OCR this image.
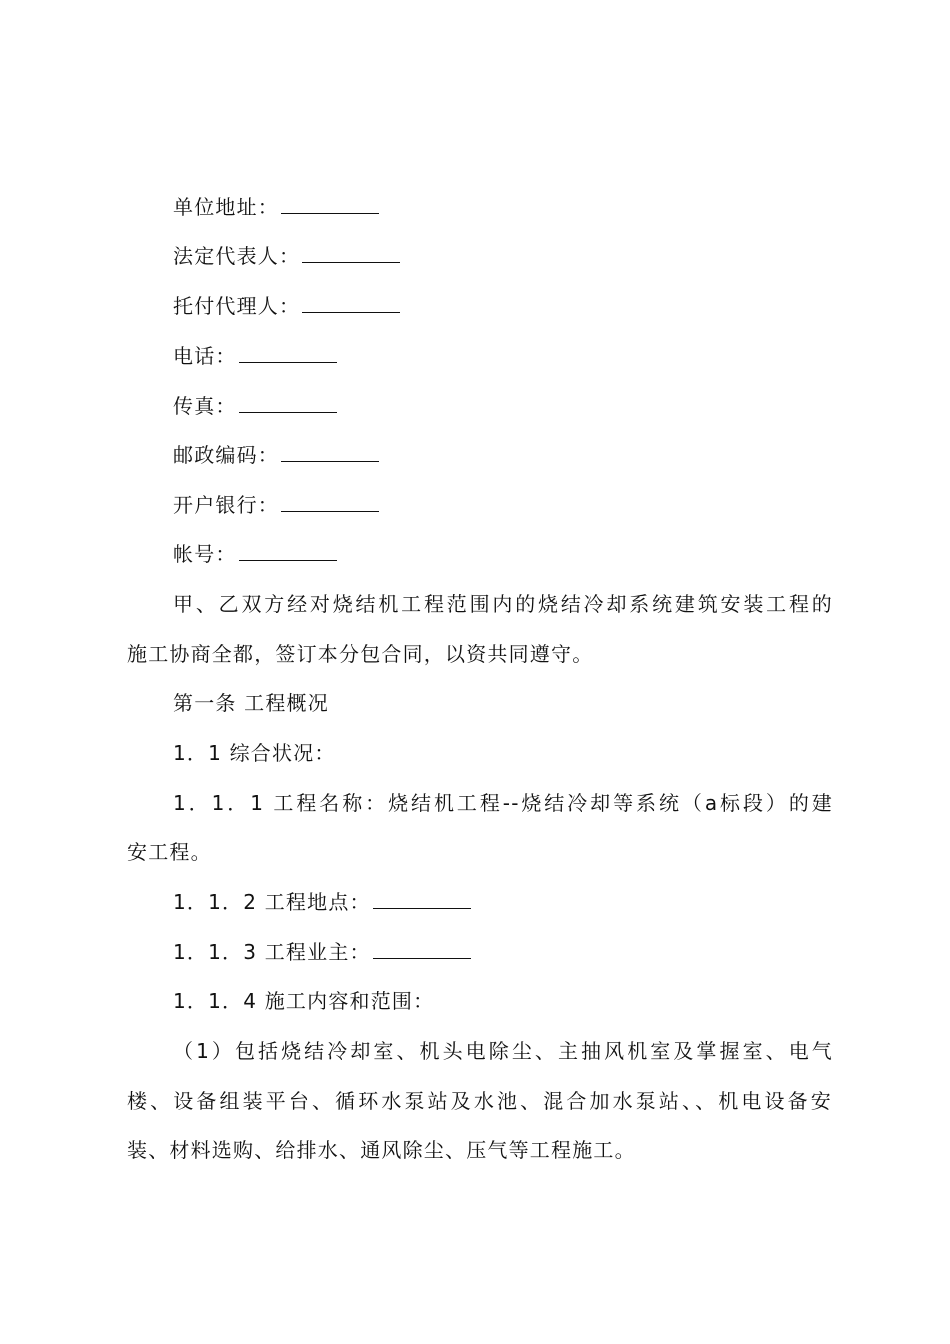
单位地址：
法定代表人：
托付代理人：
电话：
传真：
邮政编码：
开户银行：
帐号：
甲、乙双方经对烧结机工程范围内的烧结冷却系统建筑安装工程的
施工协商全都，签订本分包合同，以资共同遵守。
第一条 工程概况
1．1 综合状况：
1．1．1 工程名称：烧结机工程--烧结冷却等系统（a标段）的建
安工程。
1．1．2 工程地点：
1．1．3 工程业主：
1．1．4 施工内容和范围：
（1）包括烧结冷却室、机头电除尘、主抽风机室及掌握室、电气
楼、设备组装平台、循环水泵站及水池、混合加水泵站、、机电设备安
装、材料选购、给排水、通风除尘、压气等工程施工。
